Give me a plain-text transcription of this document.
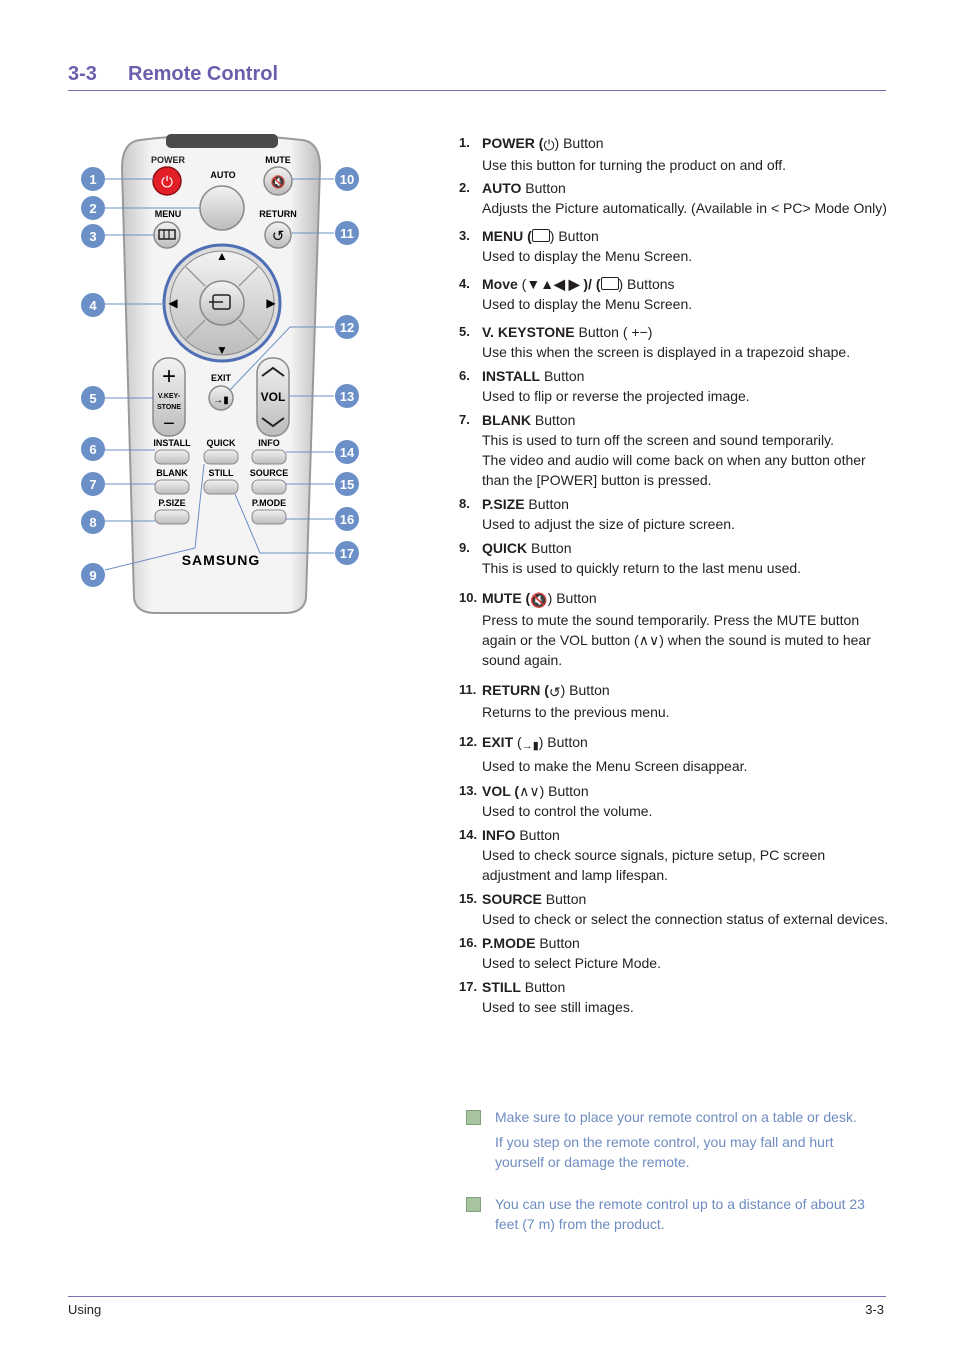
3-3 Remote Control
POWER
⏻	AUTO
MUTE
🔇
MENU	RETURN
↺
▲
▼
◀	▶
+
V.KEY-
STONE
−
EXIT
→▮	VOL
INSTALL QUICK	INFO
BLANK STILL SOURCE
P.SIZE	P.MODE
SAMSUNG
1
2
3
4
5
6
7
8
9
10
11
12
13
14
15
16
17
1. POWER (⏻) Button
Use this button for turning the product on and off.
2. AUTO Button
Adjusts the Picture automatically. (Available in < PC> Mode Only)
3. MENU ( ) Button
Used to display the Menu Screen.
4. Move (▼▲◀ ▶ )/ ( ) Buttons
Used to display the Menu Screen.
5. V. KEYSTONE Button ( +−)
Use this when the screen is displayed in a trapezoid shape.
6. INSTALL Button
Used to flip or reverse the projected image.
7. BLANK Button
This is used to turn off the screen and sound temporarily.
The video and audio will come back on when any button other than the [POWER] button is pressed.
8. P.SIZE Button
Used to adjust the size of picture screen.
9. QUICK Button
This is used to quickly return to the last menu used.
10. MUTE (🔇) Button
Press to mute the sound temporarily. Press the MUTE button again or the VOL button (∧∨) when the sound is muted to hear sound again.
11. RETURN (↺) Button
Returns to the previous menu.
12. EXIT (→▮) Button
Used to make the Menu Screen disappear.
13. VOL (∧∨) Button
Used to control the volume.
14. INFO Button
Used to check source signals, picture setup, PC screen adjustment and lamp lifespan.
15. SOURCE Button
Used to check or select the connection status of external devices.
16. P.MODE Button
Used to select Picture Mode.
17. STILL Button
Used to see still images.
Make sure to place your remote control on a table or desk.
If you step on the remote control, you may fall and hurt yourself or damage the remote.
You can use the remote control up to a distance of about 23 feet (7 m) from the product.
Using	3-3
